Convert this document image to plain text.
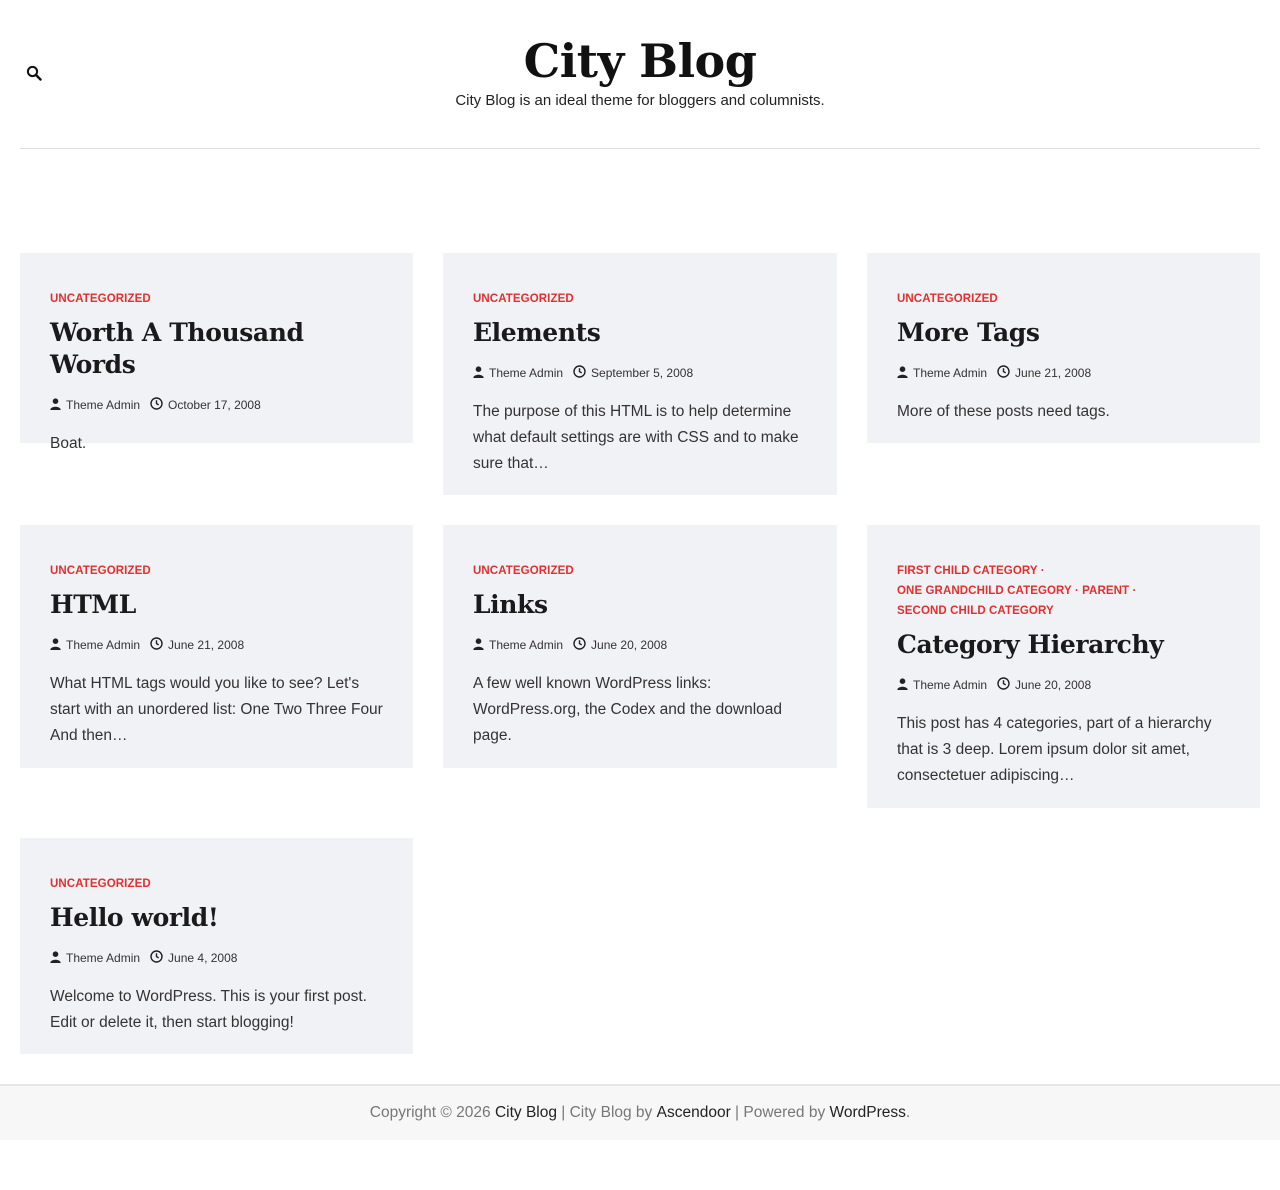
City Blog

City Blog is an ideal theme for bloggers and columnists.

UNCATEGORIZED
Worth A Thousand Words
Theme Admin October 17, 2008

Boat.

UNCATEGORIZED
Elements
Theme Admin September 5, 2008

The purpose of this HTML is to help determine what default settings are with CSS and to make sure that…

UNCATEGORIZED
More Tags
Theme Admin June 21, 2008

More of these posts need tags.

UNCATEGORIZED
HTML
Theme Admin June 21, 2008

What HTML tags would you like to see? Let's start with an unordered list: One Two Three Four And then…

UNCATEGORIZED
Links
Theme Admin June 20, 2008

A few well known WordPress links: WordPress.org, the Codex and the download page.

FIRST CHILD CATEGORY ·
ONE GRANDCHILD CATEGORY · PARENT ·
SECOND CHILD CATEGORY
Category Hierarchy
Theme Admin June 20, 2008

This post has 4 categories, part of a hierarchy that is 3 deep. Lorem ipsum dolor sit amet, consectetuer adipiscing…

UNCATEGORIZED
Hello world!
Theme Admin June 4, 2008

Welcome to WordPress. This is your first post. Edit or delete it, then start blogging!

Copyright © 2026 City Blog | City Blog by Ascendoor | Powered by WordPress .
